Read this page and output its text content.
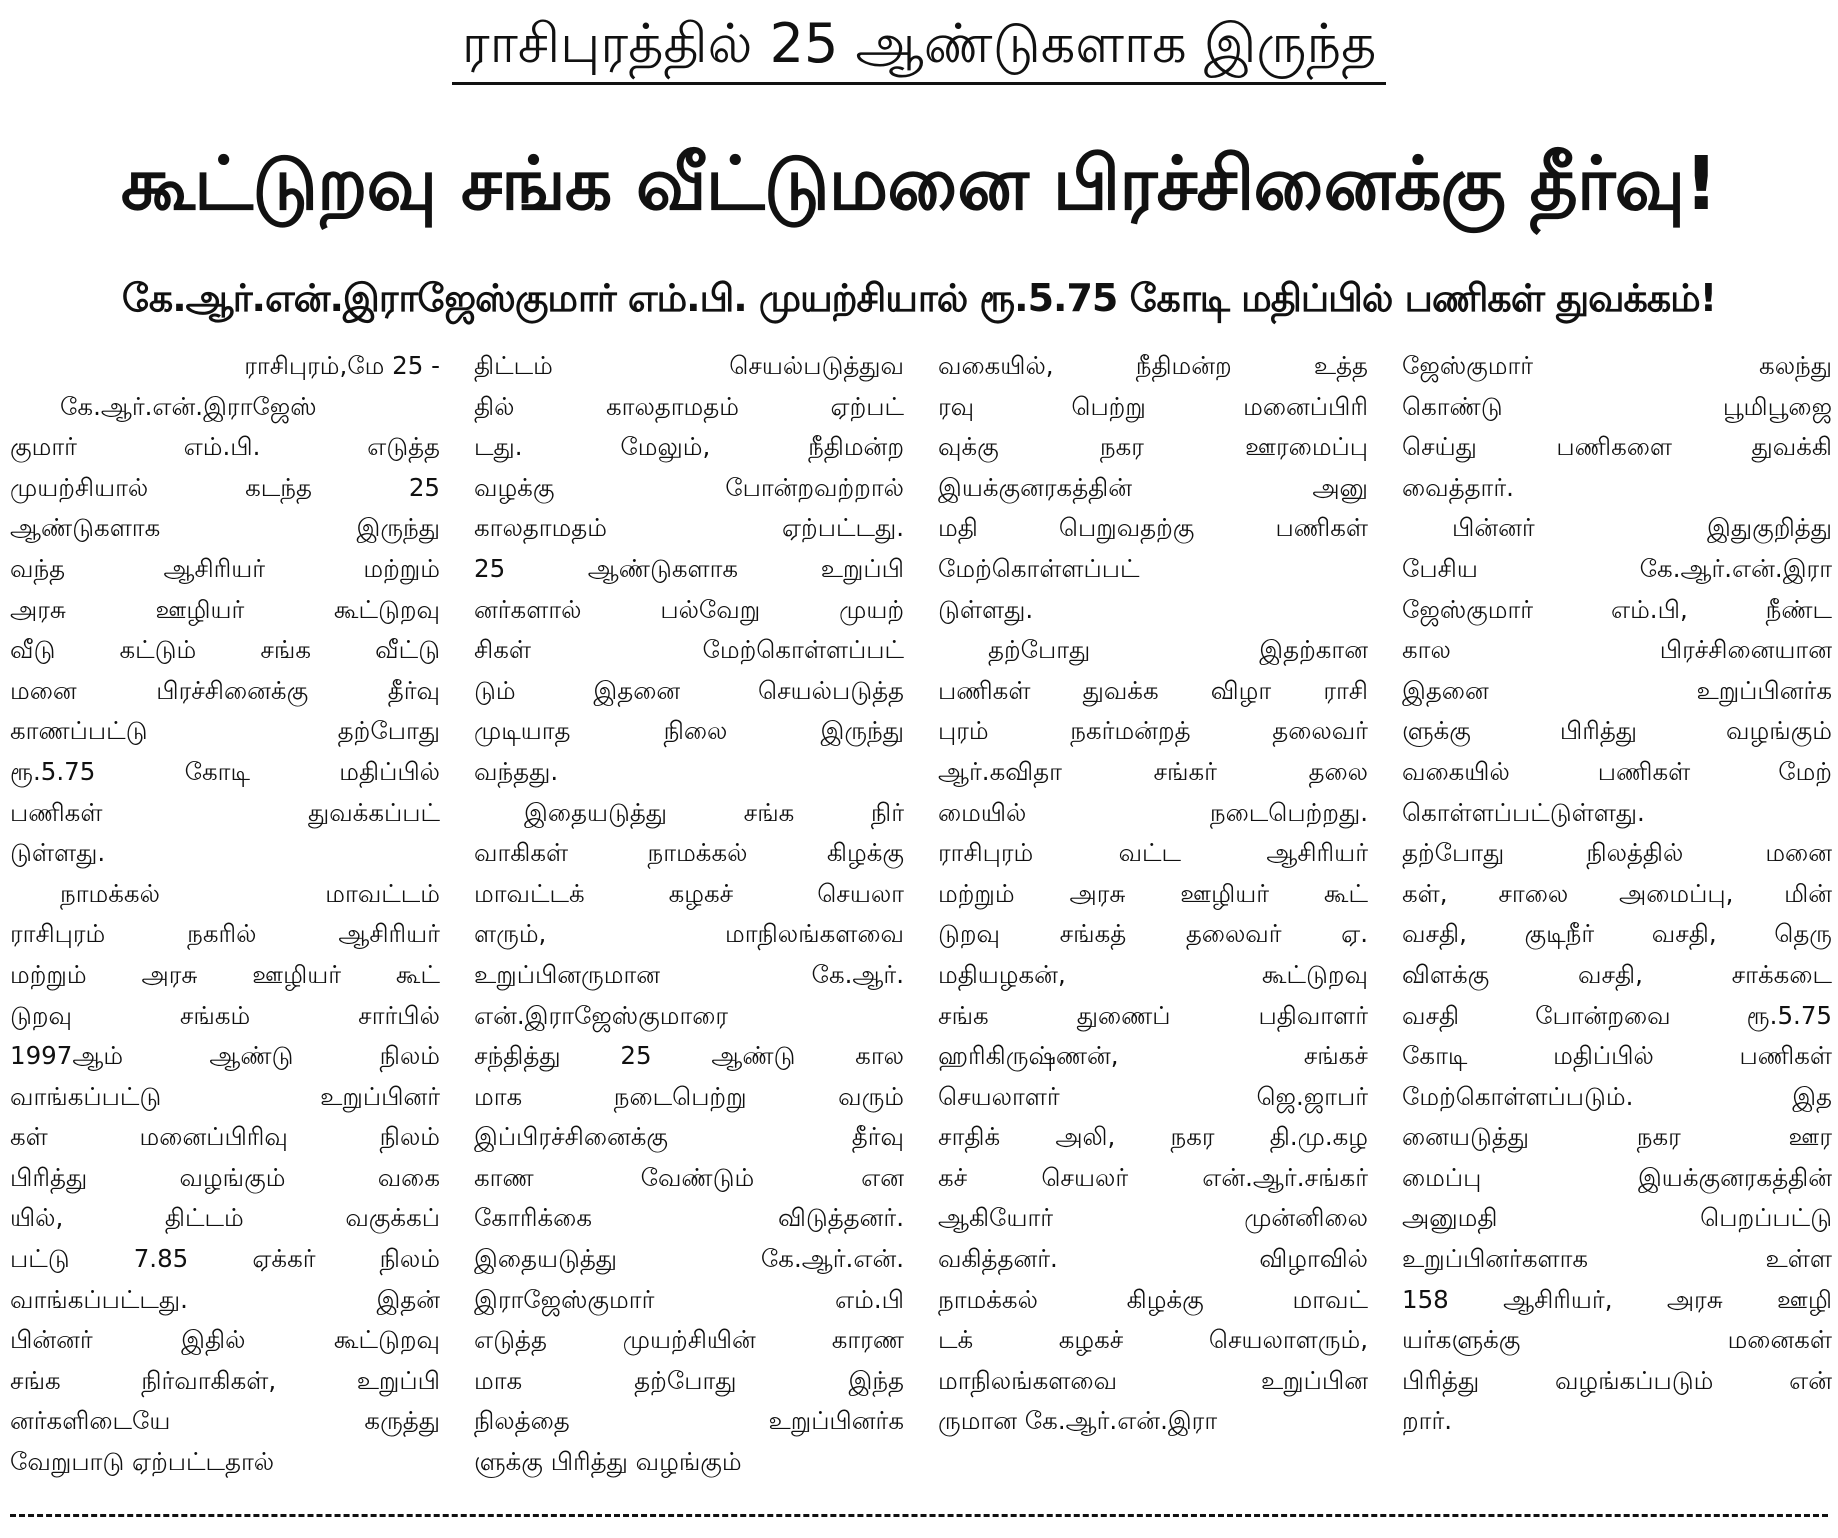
ராசிபுரத்தில் 25 ஆண்டுகளாக இருந்த
கூட்டுறவு சங்க வீட்டுமனை பிரச்சினைக்கு தீர்வு!
கே.ஆர்.என்.இராஜேஸ்குமார் எம்.பி. முயற்சியால் ரூ.5.75 கோடி மதிப்பில் பணிகள் துவக்கம்!
ராசிபுரம்,மே 25 -
கே.ஆர்.என்.இராஜேஸ்
குமார் எம்.பி. எடுத்த
முயற்சியால் கடந்த 25
ஆண்டுகளாக இருந்து
வந்த ஆசிரியர் மற்றும்
அரசு ஊழியர் கூட்டுறவு
வீடு கட்டும் சங்க வீட்டு
மனை பிரச்சினைக்கு தீர்வு
காணப்பட்டு தற்போது
ரூ.5.75 கோடி மதிப்பில்
பணிகள் துவக்கப்பட்
டுள்ளது.
நாமக்கல் மாவட்டம்
ராசிபுரம் நகரில் ஆசிரியர்
மற்றும் அரசு ஊழியர் கூட்
டுறவு சங்கம் சார்பில்
1997ஆம் ஆண்டு நிலம்
வாங்கப்பட்டு உறுப்பினர்
கள் மனைப்பிரிவு நிலம்
பிரித்து வழங்கும் வகை
யில், திட்டம் வகுக்கப்
பட்டு 7.85 ஏக்கர் நிலம்
வாங்கப்பட்டது. இதன்
பின்னர் இதில் கூட்டுறவு
சங்க நிர்வாகிகள், உறுப்பி
னர்களிடையே கருத்து
வேறுபாடு ஏற்பட்டதால்
திட்டம் செயல்படுத்துவ
தில் காலதாமதம் ஏற்பட்
டது. மேலும், நீதிமன்ற
வழக்கு போன்றவற்றால்
காலதாமதம் ஏற்பட்டது.
25 ஆண்டுகளாக உறுப்பி
னர்களால் பல்வேறு முயற்
சிகள் மேற்கொள்ளப்பட்
டும் இதனை செயல்படுத்த
முடியாத நிலை இருந்து
வந்தது.
இதையடுத்து சங்க நிர்
வாகிகள் நாமக்கல் கிழக்கு
மாவட்டக் கழகச் செயலா
ளரும், மாநிலங்களவை
உறுப்பினருமான கே.ஆர்.
என்.இராஜேஸ்குமாரை
சந்தித்து 25 ஆண்டு கால
மாக நடைபெற்று வரும்
இப்பிரச்சினைக்கு தீர்வு
காண வேண்டும் என
கோரிக்கை விடுத்தனர்.
இதையடுத்து கே.ஆர்.என்.
இராஜேஸ்குமார் எம்.பி
எடுத்த முயற்சியின் காரண
மாக தற்போது இந்த
நிலத்தை உறுப்பினர்க
ளுக்கு பிரித்து வழங்கும்
வகையில், நீதிமன்ற உத்த
ரவு பெற்று மனைப்பிரி
வுக்கு நகர ஊரமைப்பு
இயக்குனரகத்தின் அனு
மதி பெறுவதற்கு பணிகள்
மேற்கொள்ளப்பட்
டுள்ளது.
தற்போது இதற்கான
பணிகள் துவக்க விழா ராசி
புரம் நகர்மன்றத் தலைவர்
ஆர்.கவிதா சங்கர் தலை
மையில் நடைபெற்றது.
ராசிபுரம் வட்ட ஆசிரியர்
மற்றும் அரசு ஊழியர் கூட்
டுறவு சங்கத் தலைவர் ஏ.
மதியழகன், கூட்டுறவு
சங்க துணைப் பதிவாளர்
ஹரிகிருஷ்ணன், சங்கச்
செயலாளர் ஜெ.ஜாபர்
சாதிக் அலி, நகர தி.மு.கழ
கச் செயலர் என்.ஆர்.சங்கர்
ஆகியோர் முன்னிலை
வகித்தனர். விழாவில்
நாமக்கல் கிழக்கு மாவட்
டக் கழகச் செயலாளரும்,
மாநிலங்களவை உறுப்பின
ருமான கே.ஆர்.என்.இரா
ஜேஸ்குமார் கலந்து
கொண்டு பூமிபூஜை
செய்து பணிகளை துவக்கி
வைத்தார்.
பின்னர் இதுகுறித்து
பேசிய கே.ஆர்.என்.இரா
ஜேஸ்குமார் எம்.பி, நீண்ட
கால பிரச்சினையான
இதனை உறுப்பினர்க
ளுக்கு பிரித்து வழங்கும்
வகையில் பணிகள் மேற்
கொள்ளப்பட்டுள்ளது.
தற்போது நிலத்தில் மனை
கள், சாலை அமைப்பு, மின்
வசதி, குடிநீர் வசதி, தெரு
விளக்கு வசதி, சாக்கடை
வசதி போன்றவை ரூ.5.75
கோடி மதிப்பில் பணிகள்
மேற்கொள்ளப்படும். இத
னையடுத்து நகர ஊர
மைப்பு இயக்குனரகத்தின்
அனுமதி பெறப்பட்டு
உறுப்பினர்களாக உள்ள
158 ஆசிரியர், அரசு ஊழி
யர்களுக்கு மனைகள்
பிரித்து வழங்கப்படும் என்
றார்.
